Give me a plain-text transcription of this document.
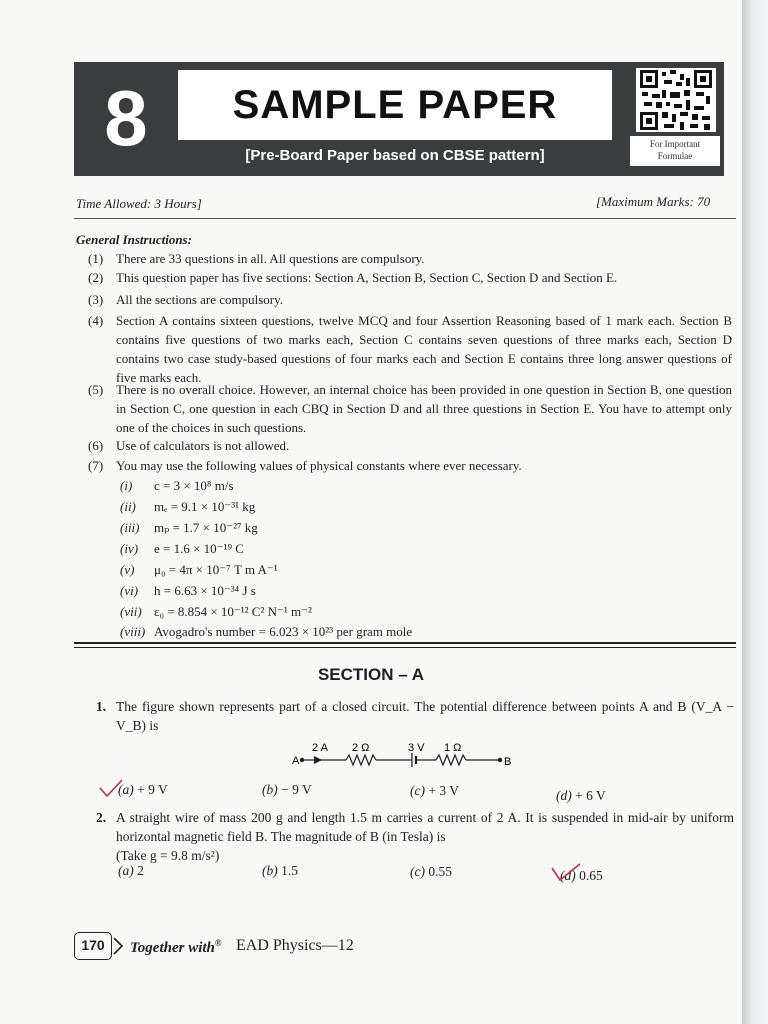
8	SAMPLE PAPER
[Pre-Board Paper based on CBSE pattern]
For Important
Formulae
Time Allowed: 3 Hours]	[Maximum Marks: 70
General Instructions:
(1) There are 33 questions in all. All questions are compulsory.
(2) This question paper has five sections: Section A, Section B, Section C, Section D and Section E.
(3) All the sections are compulsory.
(4) Section A contains sixteen questions, twelve MCQ and four Assertion Reasoning based of 1 mark each. Section B contains five questions of two marks each, Section C contains seven questions of three marks each, Section D contains two case study-based questions of four marks each and Section E contains three long answer questions of five marks each.
(5) There is no overall choice. However, an internal choice has been provided in one question in Section B, one question in Section C, one question in each CBQ in Section D and all three questions in Section E. You have to attempt only one of the choices in such questions.
(6) Use of calculators is not allowed.
(7) You may use the following values of physical constants where ever necessary.
(i) c = 3 × 10⁸ m/s
(ii) mₑ = 9.1 × 10⁻³¹ kg
(iii) mₚ = 1.7 × 10⁻²⁷ kg
(iv) e = 1.6 × 10⁻¹⁹ C
(v) μ₀ = 4π × 10⁻⁷ T m A⁻¹
(vi) h = 6.63 × 10⁻³⁴ J s
(vii) ε₀ = 8.854 × 10⁻¹² C² N⁻¹ m⁻²
(viii) Avogadro's number = 6.023 × 10²³ per gram mole
SECTION – A
1. The figure shown represents part of a closed circuit. The potential difference between points A and B (V_A − V_B) is
2 A 2 Ω	3 V 1 Ω
A	B
(a) + 9 V	(b) − 9 V	(c) + 3 V	(d) + 6 V
2. A straight wire of mass 200 g and length 1.5 m carries a current of 2 A. It is suspended in mid-air by uniform horizontal magnetic field B. The magnitude of B (in Tesla) is
(Take g = 9.8 m/s²)
(a) 2	(b) 1.5	(c) 0.55	(d) 0.65
170	Together with® EAD Physics—12
